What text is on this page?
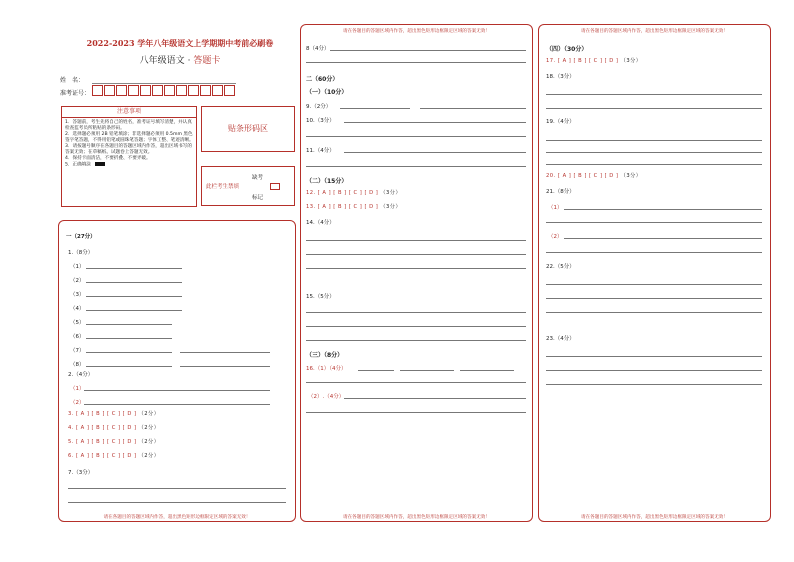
2022-2023 学年八年级语文上学期期中考前必刷卷
八年级语文 · 答题卡
姓　名：
准考证号：
注意事项
1．答题前，考生先将自己的姓名，准考证号填写清楚，并认真检查监考员所粘贴的条形码。
2．选择题必须用 2B 铅笔填涂；非选择题必须用 0.5mm 黑色签字笔答题，不得用铅笔或圆珠笔答题；字体工整、笔迹清晰。
3．请按题号顺序在各题目的答题区域内作答，超出区域书写的答案无效；在草稿纸、试题卷上答题无效。
4．保持卡面清洁，不要折叠、不要弄破。
5．正确填涂
贴条形码区
此栏考生禁填
缺考
标记
请在各题目的答题区域内作答，超出黑色矩形边框限定区域的答案无效！
一（27分）
1.（8分）
（1）
（2）
（3）
（4）
（5）
（6）
（7）
（8）
2.（4分）
（1）
（2）
3. [ A ] [ B ] [ C ] [ D ] （2分）
4. [ A ] [ B ] [ C ] [ D ] （2分）
5. [ A ] [ B ] [ C ] [ D ] （2分）
6. [ A ] [ B ] [ C ] [ D ] （2分）
7.（3分）
请在各题目的答题区域内作答，超出黑色矩形边框限定区域的答案无效！
请在各题目的答题区域内作答，超出黑色矩形边框限定区域的答案无效！
8（4分）
二（60分）
（一）（10分）
9.（2分）
10.（3分）
11.（4分）
（二）（15分）
12. [ A ] [ B ] [ C ] [ D ] （3分）
13. [ A ] [ B ] [ C ] [ D ] （3分）
14.（4分）
15.（5分）
（三）（8分）
16.（1）（4分）
（2）.（4分）
请在各题目的答题区域内作答，超出黑色矩形边框限定区域的答案无效！
请在各题目的答题区域内作答，超出黑色矩形边框限定区域的答案无效！
（四）（30分）
17. [ A ] [ B ] [ C ] [ D ] （3分）
18.（3分）
19.（4分）
20. [ A ] [ B ] [ C ] [ D ] （3分）
21.（8分）
（1）
（2）
22.（5分）
23.（4分）
